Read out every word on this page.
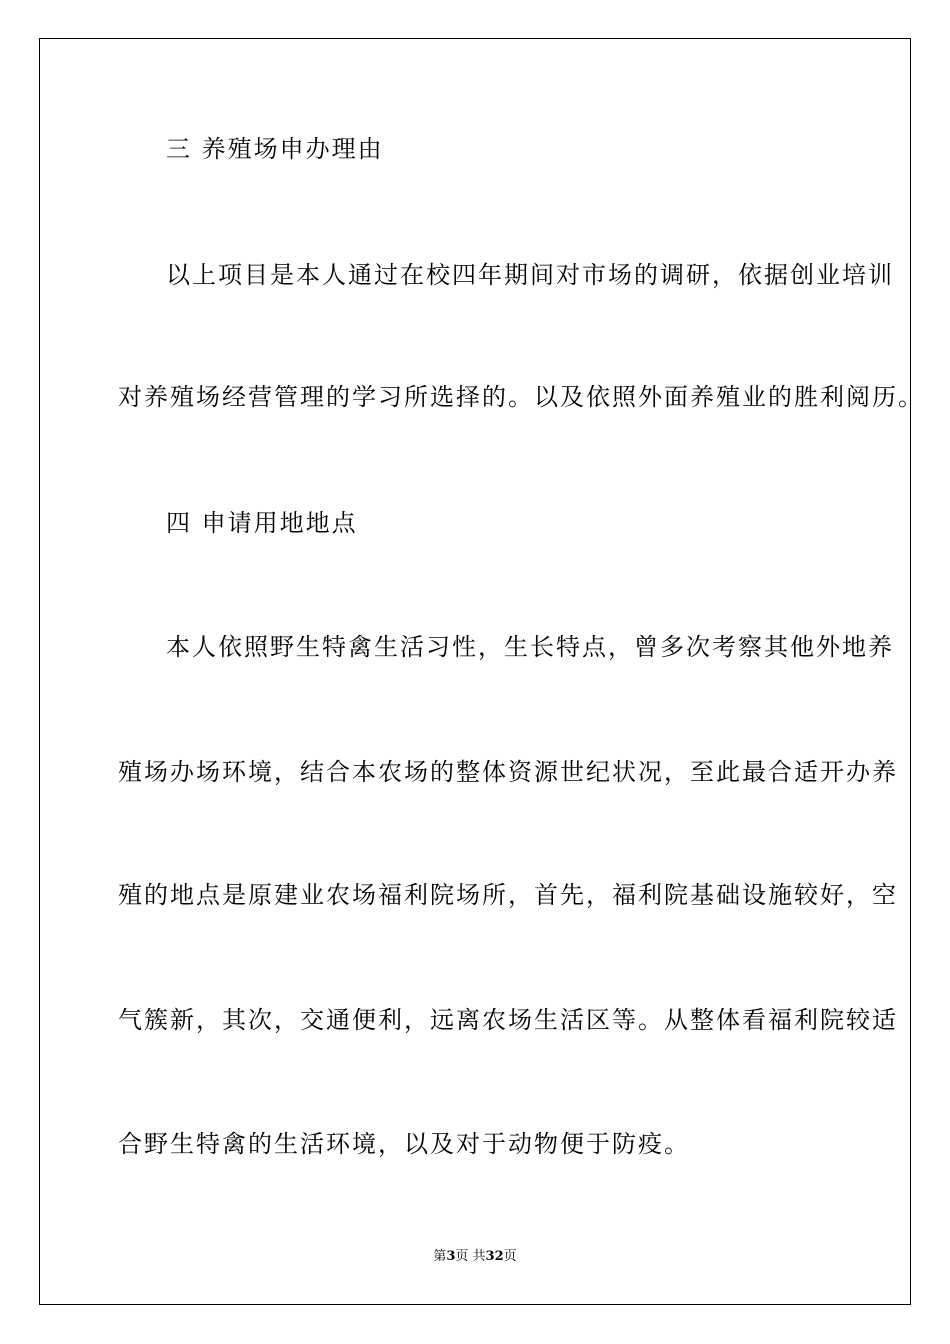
三 养殖场申办理由
以上项目是本人通过在校四年期间对市场的调研，依据创业培训
对养殖场经营管理的学习所选择的。以及依照外面养殖业的胜利阅历。
四 申请用地地点
本人依照野生特禽生活习性，生长特点，曾多次考察其他外地养
殖场办场环境，结合本农场的整体资源世纪状况，至此最合适开办养
殖的地点是原建业农场福利院场所，首先，福利院基础设施较好，空
气簇新，其次，交通便利，远离农场生活区等。从整体看福利院较适
合野生特禽的生活环境，以及对于动物便于防疫。
第3页 共32页
